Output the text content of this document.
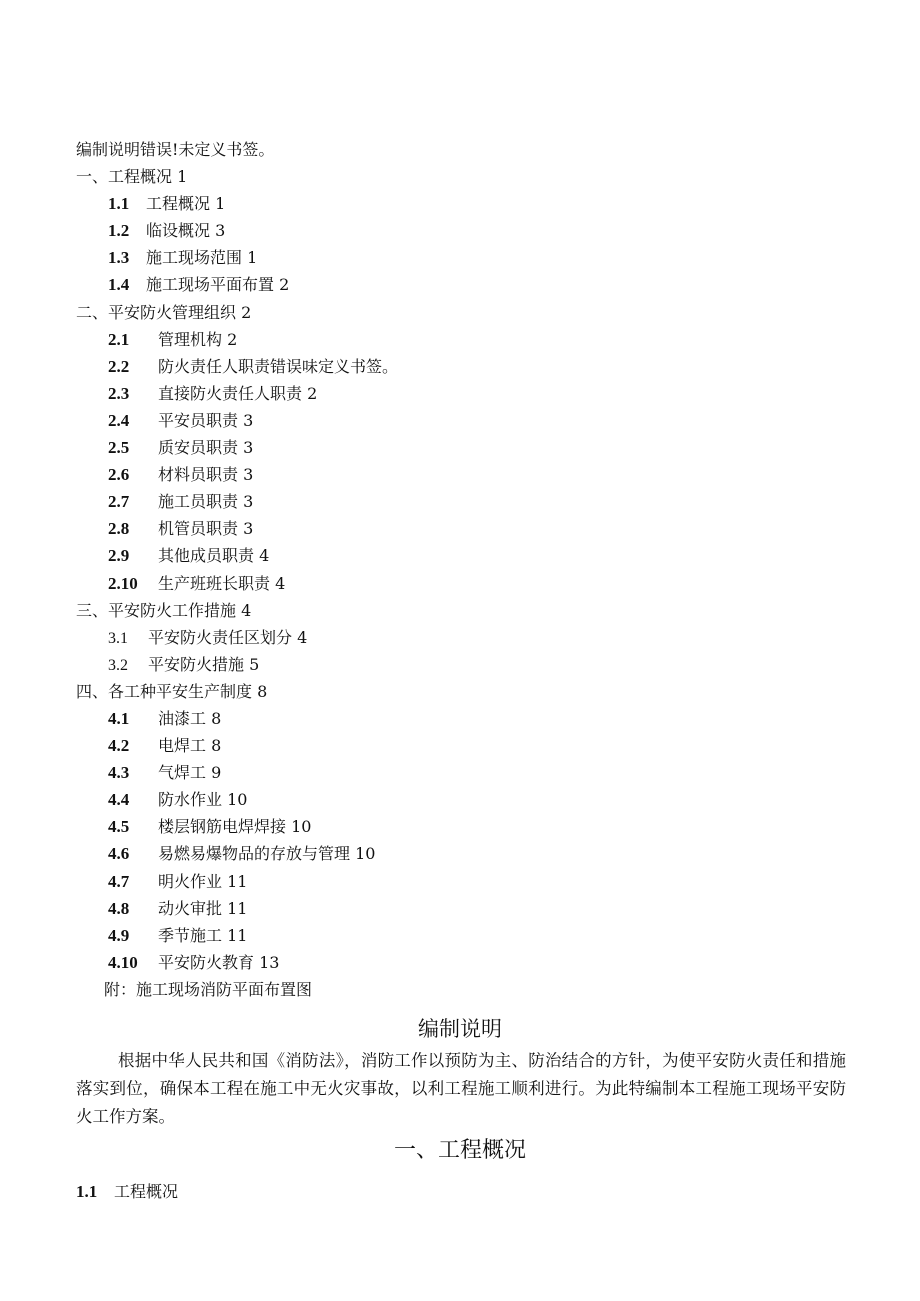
编制说明错误!未定义书签。
一、工程概况 1
1.1 工程概况 1
1.2 临设概况 3
1.3 施工现场范围 1
1.4 施工现场平面布置 2
二、平安防火管理组织 2
2.1 管理机构 2
2.2 防火责任人职责错误味定义书签。
2.3 直接防火责任人职责 2
2.4 平安员职责 3
2.5 质安员职责 3
2.6 材料员职责 3
2.7 施工员职责 3
2.8 机管员职责 3
2.9 其他成员职责 4
2.10 生产班班长职责 4
三、平安防火工作措施 4
3.1 平安防火责任区划分 4
3.2 平安防火措施 5
四、各工种平安生产制度 8
4.1 油漆工 8
4.2 电焊工 8
4.3 气焊工 9
4.4 防水作业 10
4.5 楼层钢筋电焊焊接 10
4.6 易燃易爆物品的存放与管理 10
4.7 明火作业 11
4.8 动火审批 11
4.9 季节施工 11
4.10 平安防火教育 13
附：施工现场消防平面布置图
编制说明
根据中华人民共和国《消防法》，消防工作以预防为主、防治结合的方针，为使平安防火责任和措施落实到位，确保本工程在施工中无火灾事故，以利工程施工顺利进行。为此特编制本工程施工现场平安防火工作方案。
一、工程概况
1.1 工程概况
